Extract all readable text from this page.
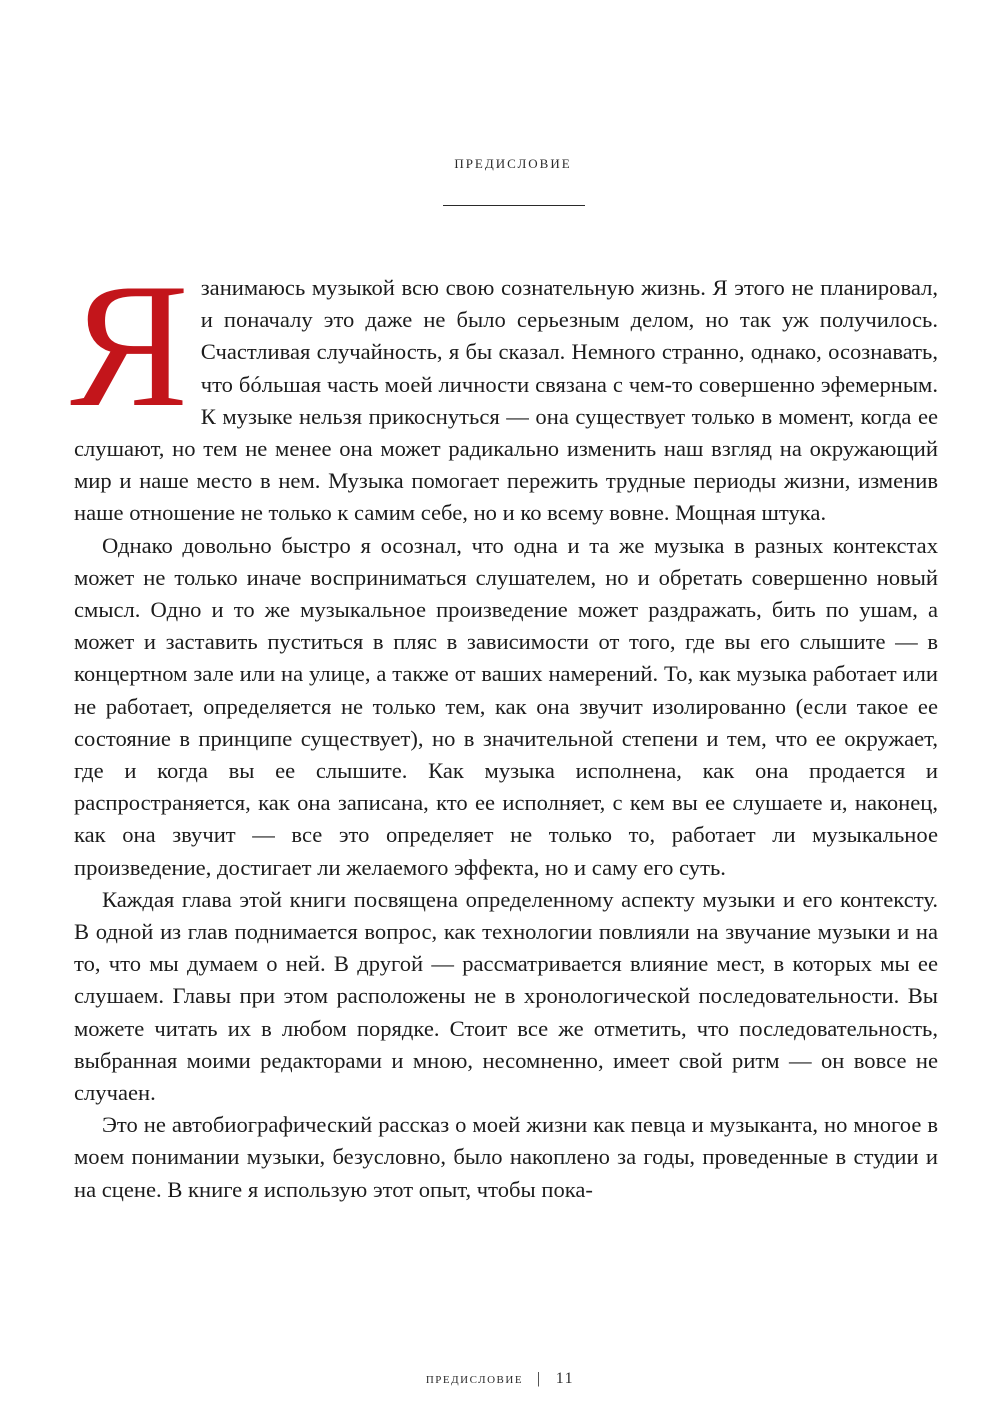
предисловие

Я занимаюсь музыкой всю свою сознательную жизнь. Я этого не планировал, и поначалу это даже не было серьезным делом, но так уж получилось. Счастливая случайность, я бы сказал. Немного странно, однако, осознавать, что бóльшая часть моей личности связана с чем-то совершенно эфемерным. К музыке нельзя прикоснуться — она существует только в момент, когда ее слушают, но тем не менее она может радикально изменить наш взгляд на окружающий мир и наше место в нем. Музыка помогает пережить трудные периоды жизни, изменив наше отношение не только к самим себе, но и ко всему вовне. Мощная штука.

Однако довольно быстро я осознал, что одна и та же музыка в разных контекстах может не только иначе восприниматься слушателем, но и обретать совершенно новый смысл. Одно и то же музыкальное произведение может раздражать, бить по ушам, а может и заставить пуститься в пляс в зависимости от того, где вы его слышите — в концертном зале или на улице, а также от ваших намерений. То, как музыка работает или не работает, определяется не только тем, как она звучит изолированно (если такое ее состояние в принципе существует), но в значительной степени и тем, что ее окружает, где и когда вы ее слышите. Как музыка исполнена, как она продается и распространяется, как она записана, кто ее исполняет, с кем вы ее слушаете и, наконец, как она звучит — все это определяет не только то, работает ли музыкальное произведение, достигает ли желаемого эффекта, но и саму его суть.

Каждая глава этой книги посвящена определенному аспекту музыки и его контексту. В одной из глав поднимается вопрос, как технологии повлияли на звучание музыки и на то, что мы думаем о ней. В другой — рассматривается влияние мест, в которых мы ее слушаем. Главы при этом расположены не в хронологической последовательности. Вы можете читать их в любом порядке. Стоит все же отметить, что последовательность, выбранная моими редакторами и мною, несомненно, имеет свой ритм — он вовсе не случаен.

Это не автобиографический рассказ о моей жизни как певца и музыканта, но многое в моем понимании музыки, безусловно, было накоплено за годы, проведенные в студии и на сцене. В книге я использую этот опыт, чтобы пока-

предисловие | 11
